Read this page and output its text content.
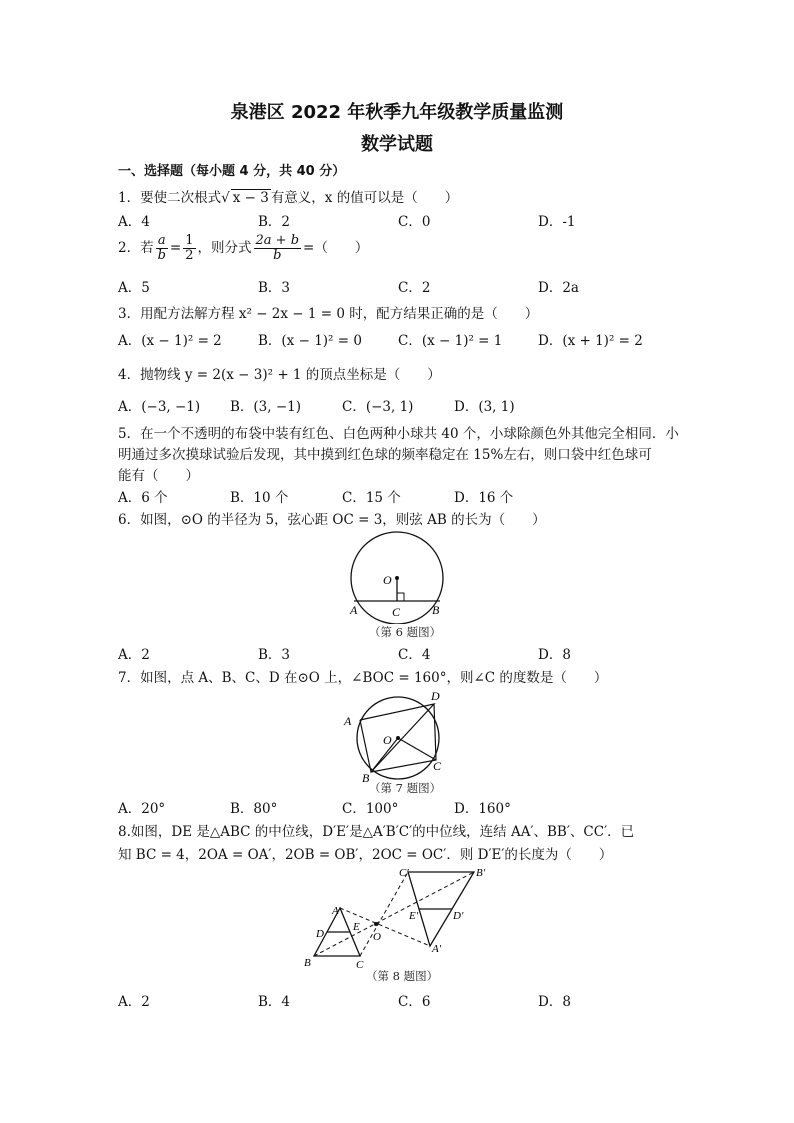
泉港区 2022 年秋季九年级教学质量监测
数学试题
一、选择题（每小题 4 分，共 40 分）
1．要使二次根式√ x − 3 有意义，x 的值可以是（　　）
A．4	B．2	C．0	D．-1
2．若 $\frac{a}{b} = \frac{1}{2}$ ，则分式 $\frac{2a + b}{b}$ =（　　）
A．5	B．3	C．2	D．2a
3．用配方法解方程 x² − 2x − 1 = 0 时，配方结果正确的是（　　）
A．(x − 1)² = 2	B．(x − 1)² = 0	C．(x − 1)² = 1	D．(x + 1)² = 2
4．抛物线 y = 2(x − 3)² + 1 的顶点坐标是（　　）
A．(−3, −1) B．(3, −1)	C．(−3, 1)	D．(3, 1)
5．在一个不透明的布袋中装有红色、白色两种小球共 40 个，小球除颜色外其他完全相同．小
明通过多次摸球试验后发现，其中摸到红色球的频率稳定在 15%左右，则口袋中红色球可
能有（　　）
A．6 个	B．10 个	C．15 个	D．16 个
6．如图，⊙O 的半径为 5，弦心距 OC = 3，则弦 AB 的长为（　　）
O
A	B
C
（第 6 题图）
A．2	B．3	C．4	D．8
7．如图，点 A、B、C、D 在⊙O 上，∠BOC = 160°，则∠C 的度数是（　　）
A
B
C
D
O
（第 7 题图）
A．20°	B．80°	C．100°	D．160°
8.如图，DE 是△ABC 的中位线，D′E′是△A′B′C′的中位线，连结 AA′、BB′、CC′．已
知 BC = 4，2OA = OA′，2OB = OB′，2OC = OC′．则 D′E′的长度为（　　）
A
B	C
D
E
O
C′	B′
A′
E′	D′
（第 8 题图）
A．2	B．4	C．6	D．8
